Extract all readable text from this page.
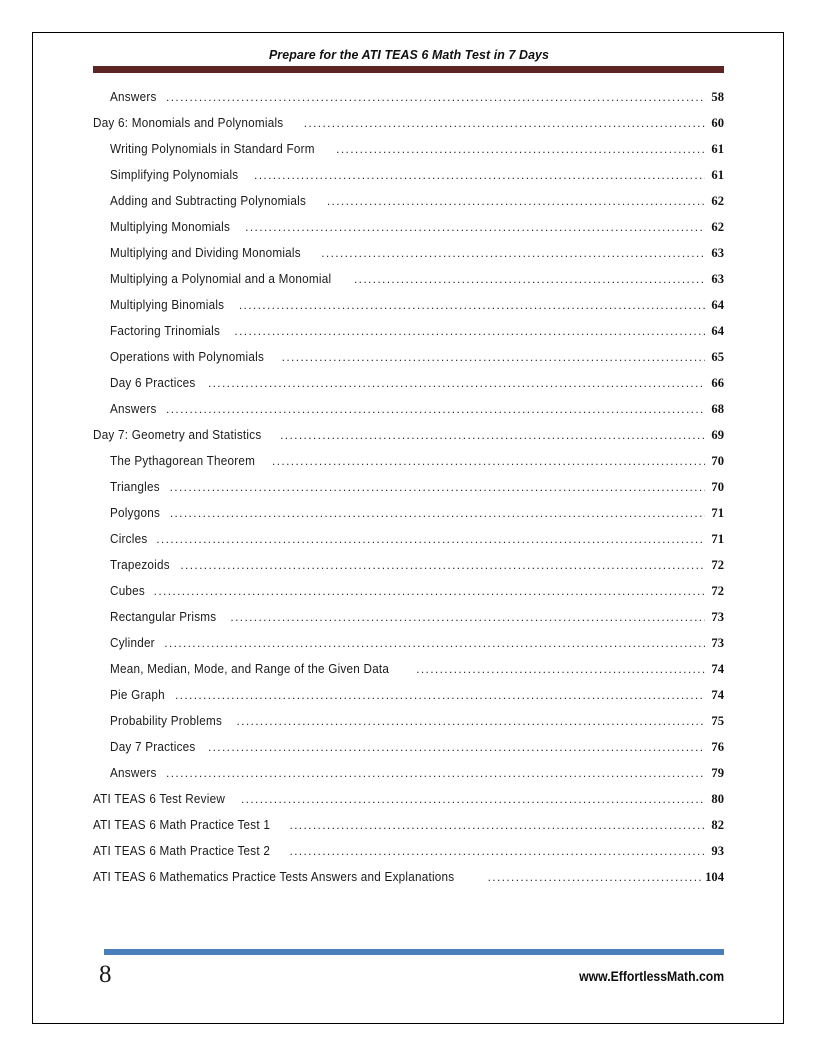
Prepare for the ATI TEAS 6 Math Test in 7 Days
Answers .....	58
Day 6: Monomials and Polynomials .....	60
Writing Polynomials in Standard Form .....	61
Simplifying Polynomials .....	61
Adding and Subtracting Polynomials .....	62
Multiplying Monomials .....	62
Multiplying and Dividing Monomials .....	63
Multiplying a Polynomial and a Monomial .....	63
Multiplying Binomials .....	64
Factoring Trinomials .....	64
Operations with Polynomials .....	65
Day 6 Practices .....	66
Answers .....	68
Day 7: Geometry and Statistics .....	69
The Pythagorean Theorem .....	70
Triangles .....	70
Polygons .....	71
Circles .....	71
Trapezoids .....	72
Cubes .....	72
Rectangular Prisms .....	73
Cylinder .....	73
Mean, Median, Mode, and Range of the Given Data .....	74
Pie Graph .....	74
Probability Problems .....	75
Day 7 Practices .....	76
Answers .....	79
ATI TEAS 6 Test Review .....	80
ATI TEAS 6 Math Practice Test 1 .....	82
ATI TEAS 6 Math Practice Test 2 .....	93
ATI TEAS 6 Mathematics Practice Tests Answers and Explanations .....	104
8	www.EffortlessMath.com
